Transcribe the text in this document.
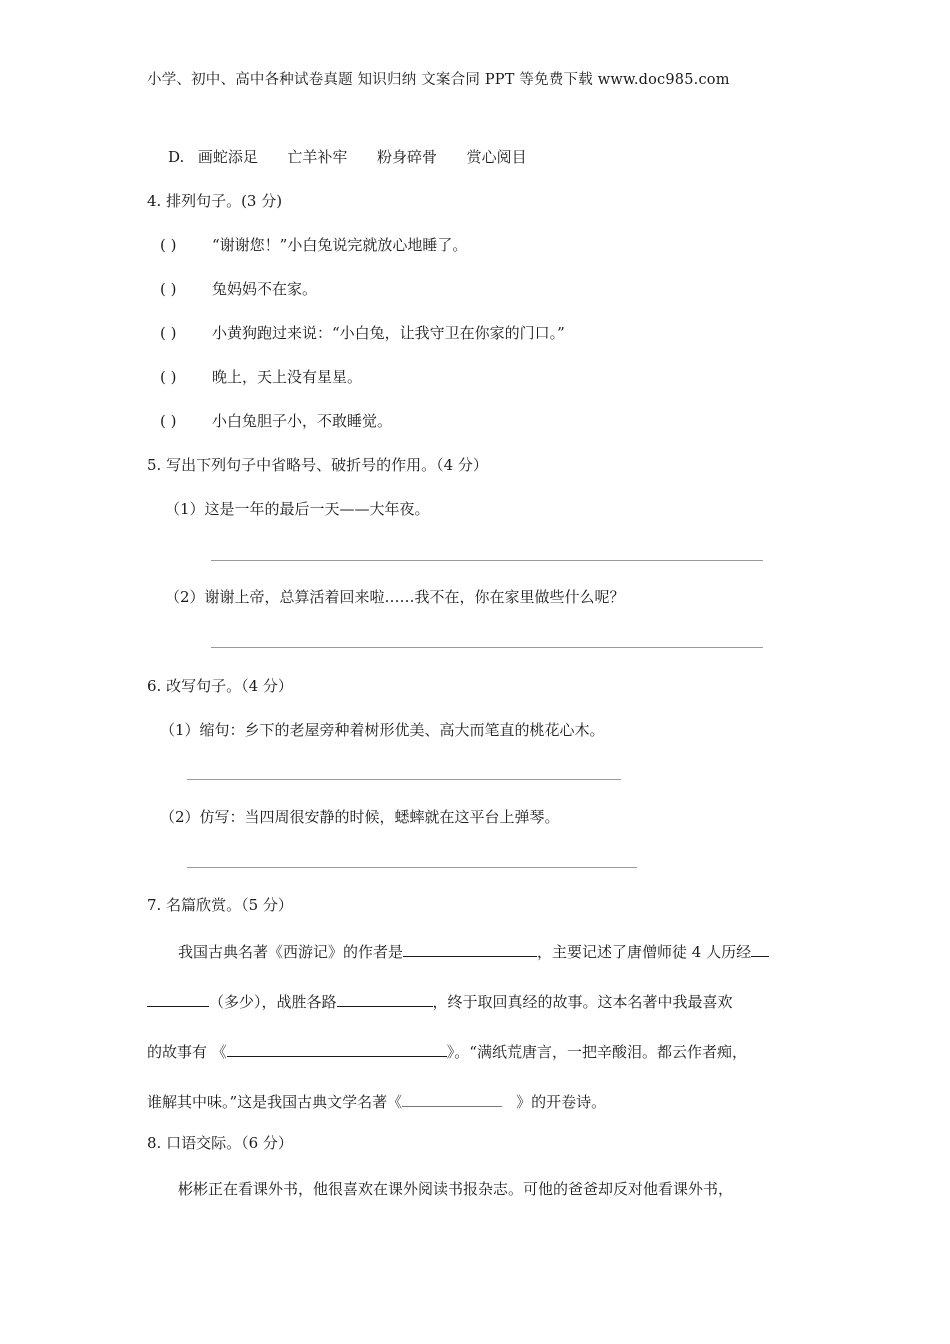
小学、初中、高中各种试卷真题 知识归纳 文案合同 PPT 等免费下载 www.doc985.com
D. 画蛇添足 亡羊补牢 粉身碎骨 赏心阅目
4. 排列句子。(3 分)
( ) “谢谢您！”小白兔说完就放心地睡了。
( ) 兔妈妈不在家。
( ) 小黄狗跑过来说：“小白兔，让我守卫在你家的门口。”
( ) 晚上，天上没有星星。
( ) 小白兔胆子小，不敢睡觉。
5. 写出下列句子中省略号、破折号的作用。（4 分）
（1）这是一年的最后一天——大年夜。
（2）谢谢上帝，总算活着回来啦……我不在，你在家里做些什么呢？
6. 改写句子。（4 分）
（1）缩句：乡下的老屋旁种着树形优美、高大而笔直的桃花心木。
（2）仿写：当四周很安静的时候，蟋蟀就在这平台上弹琴。
7. 名篇欣赏。（5 分）
我国古典名著《西游记》的作者是	，主要记述了唐僧师徒 4 人历经
（多少），战胜各路	，终于取回真经的故事。这本名著中我最喜欢
的故事有 《	》。“满纸荒唐言，一把辛酸泪。都云作者痴，
谁解其中味。”这是我国古典文学名著《	》的开卷诗。
8. 口语交际。（6 分）
彬彬正在看课外书，他很喜欢在课外阅读书报杂志。可他的爸爸却反对他看课外书，
